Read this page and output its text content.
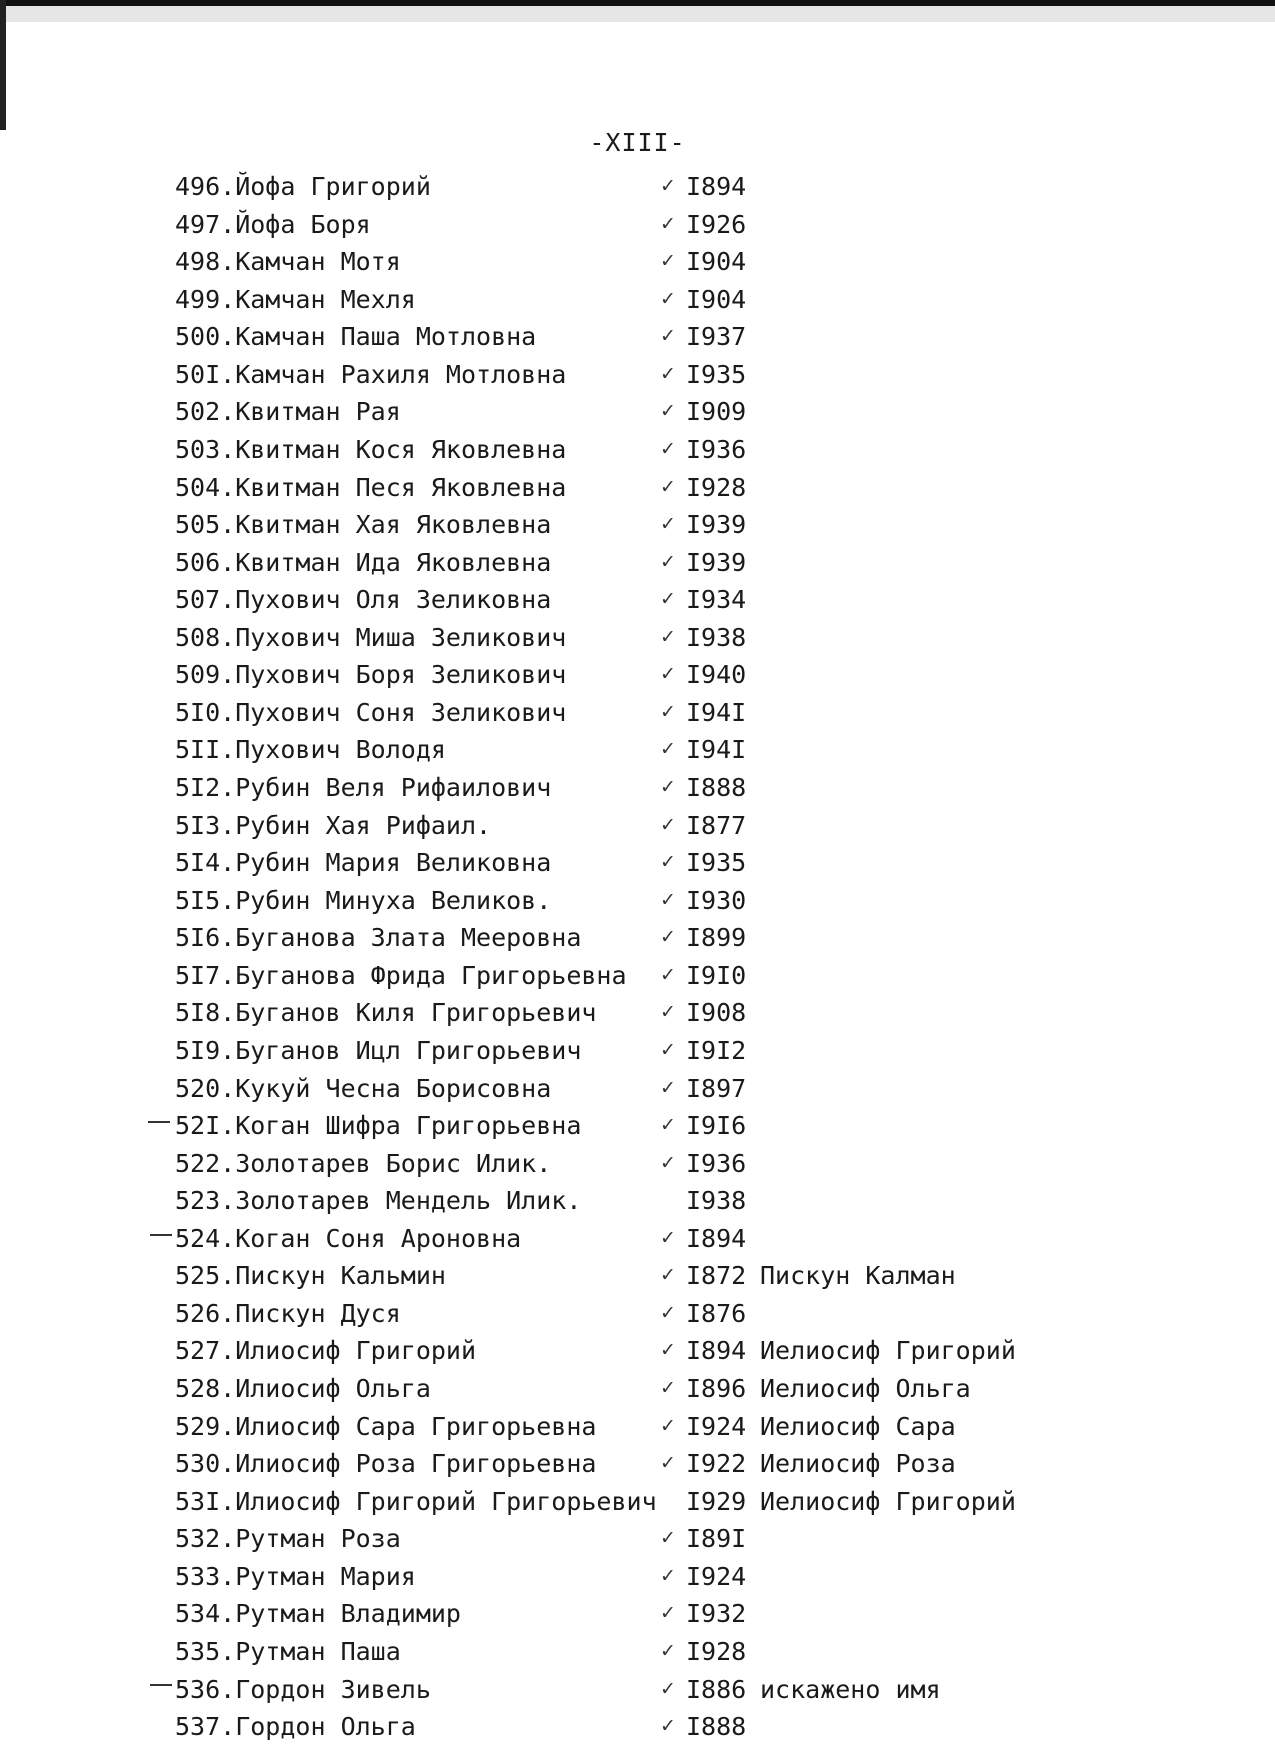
-XIII-
496.Йофа Григорий	✓ I894
497.Йофа Боря	✓ I926
498.Камчан Мотя	✓ I904
499.Камчан Мехля	✓ I904
500.Камчан Паша Мотловна	✓ I937
50I.Камчан Рахиля Мотловна	✓ I935
502.Квитман Рая	✓ I909
503.Квитман Кося Яковлевна	✓ I936
504.Квитман Песя Яковлевна	✓ I928
505.Квитман Хая Яковлевна	✓ I939
506.Квитман Ида Яковлевна	✓ I939
507.Пухович Оля Зеликовна	✓ I934
508.Пухович Миша Зеликович	✓ I938
509.Пухович Боря Зеликович	✓ I940
5I0.Пухович Соня Зеликович	✓ I94I
5II.Пухович Володя	✓ I94I
5I2.Рубин Веля Рифаилович	✓ I888
5I3.Рубин Хая Рифаил.	✓ I877
5I4.Рубин Мария Великовна	✓ I935
5I5.Рубин Минуха Великов.	✓ I930
5I6.Буганова Злата Мееровна	✓ I899
5I7.Буганова Фрида Григорьевна ✓ I9I0
5I8.Буганов Киля Григорьевич	✓ I908
5I9.Буганов Ицл Григорьевич	✓ I9I2
520.Кукуй Чесна Борисовна	✓ I897
52I.Коган Шифра Григорьевна	✓ I9I6
522.Золотарев Борис Илик.	✓ I936
523.Золотарев Мендель Илик.	I938
524.Коган Соня Ароновна	✓ I894
525.Пискун Кальмин	✓ I872 Пискун Калман
526.Пискун Дуся	✓ I876
527.Илиосиф Григорий	✓ I894 Иелиосиф Григорий
528.Илиосиф Ольга	✓ I896 Иелиосиф Ольга
529.Илиосиф Сара Григорьевна	✓ I924 Иелиосиф Сара
530.Илиосиф Роза Григорьевна	✓ I922 Иелиосиф Роза
53I.Илиосиф Григорий Григорьевич I929 Иелиосиф Григорий
532.Рутман Роза	✓ I89I
533.Рутман Мария	✓ I924
534.Рутман Владимир	✓ I932
535.Рутман Паша	✓ I928
536.Гордон Зивель	✓ I886 искажено имя
537.Гордон Ольга	✓ I888
